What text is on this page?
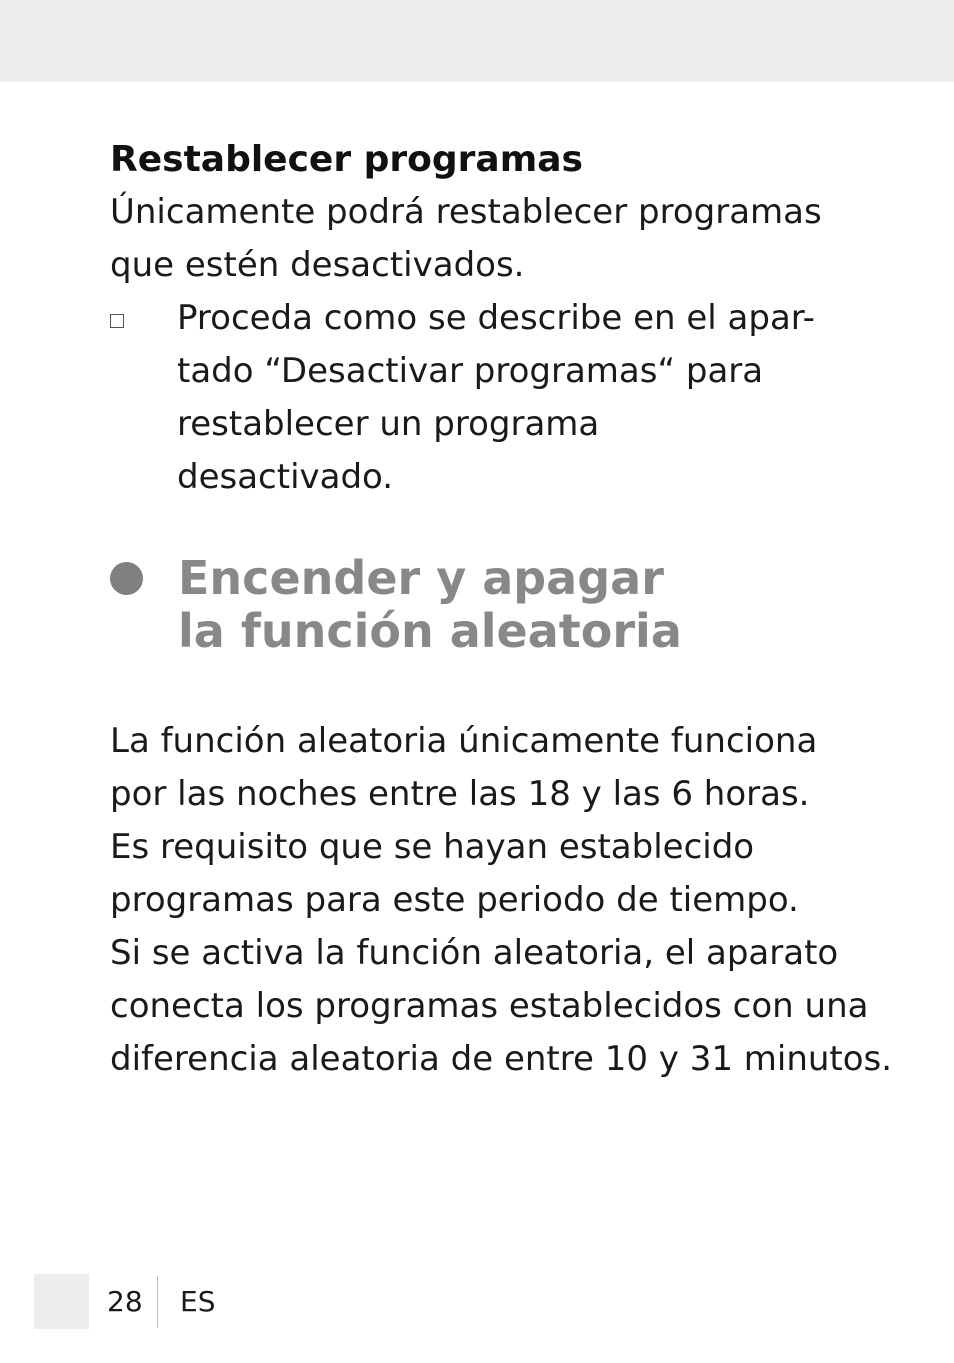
Restablecer programas

Únicamente podrá restablecer programas
que estén desactivados.

Proceda como se describe en el apar-
tado “Desactivar programas“ para
restablecer un programa desactivado.
Encender y apagar
la función aleatoria

La función aleatoria únicamente funciona
por las noches entre las 18 y las 6 horas.
Es requisito que se hayan establecido
programas para este periodo de tiempo.
Si se activa la función aleatoria, el aparato
conecta los programas establecidos con una
diferencia aleatoria de entre 10 y 31 minutos.

28 ES
